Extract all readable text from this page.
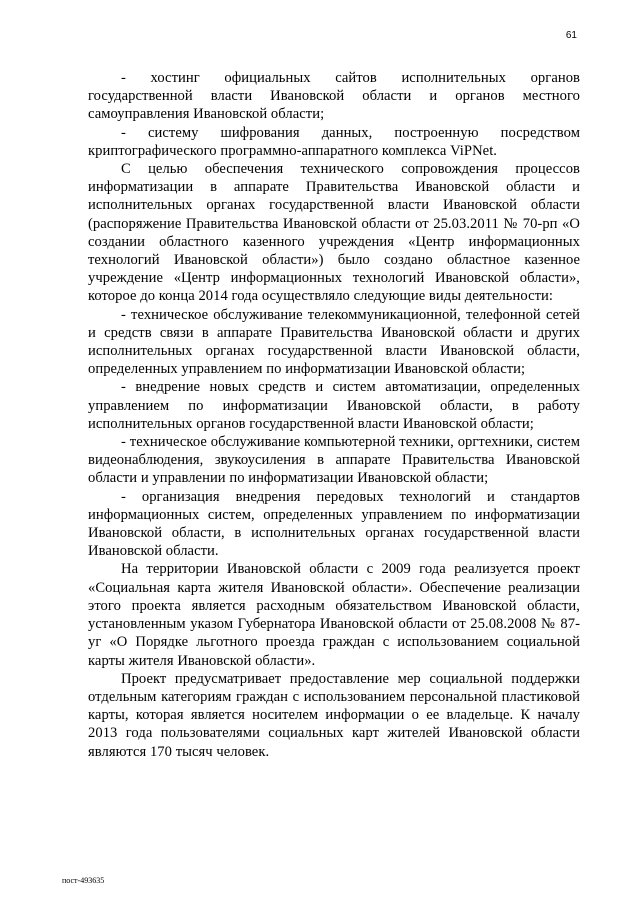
61

- хостинг официальных сайтов исполнительных органов государственной власти Ивановской области и органов местного самоуправления Ивановской области;

- систему шифрования данных, построенную посредством криптографического программно-аппаратного комплекса ViPNet.

С целью обеспечения технического сопровождения процессов информатизации в аппарате Правительства Ивановской области и исполнительных органах государственной власти Ивановской области (распоряжение Правительства Ивановской области от 25.03.2011 № 70-рп «О создании областного казенного учреждения «Центр информационных технологий Ивановской области») было создано областное казенное учреждение «Центр информационных технологий Ивановской области», которое до конца 2014 года осуществляло следующие виды деятельности:

- техническое обслуживание телекоммуникационной, телефонной сетей и средств связи в аппарате Правительства Ивановской области и других исполнительных органах государственной власти Ивановской области, определенных управлением по информатизации Ивановской области;

- внедрение новых средств и систем автоматизации, определенных управлением по информатизации Ивановской области, в работу исполнительных органов государственной власти Ивановской области;

- техническое обслуживание компьютерной техники, оргтехники, систем видеонаблюдения, звукоусиления в аппарате Правительства Ивановской области и управлении по информатизации Ивановской области;

- организация внедрения передовых технологий и стандартов информационных систем, определенных управлением по информатизации Ивановской области, в исполнительных органах государственной власти Ивановской области.

На территории Ивановской области с 2009 года реализуется проект «Социальная карта жителя Ивановской области». Обеспечение реализации этого проекта является расходным обязательством Ивановской области, установленным указом Губернатора Ивановской области от 25.08.2008 № 87-уг «О Порядке льготного проезда граждан с использованием социальной карты жителя Ивановской области».

Проект предусматривает предоставление мер социальной поддержки отдельным категориям граждан с использованием персональной пластиковой карты, которая является носителем информации о ее владельце. К началу 2013 года пользователями социальных карт жителей Ивановской области являются 170 тысяч человек.

пост-493635
